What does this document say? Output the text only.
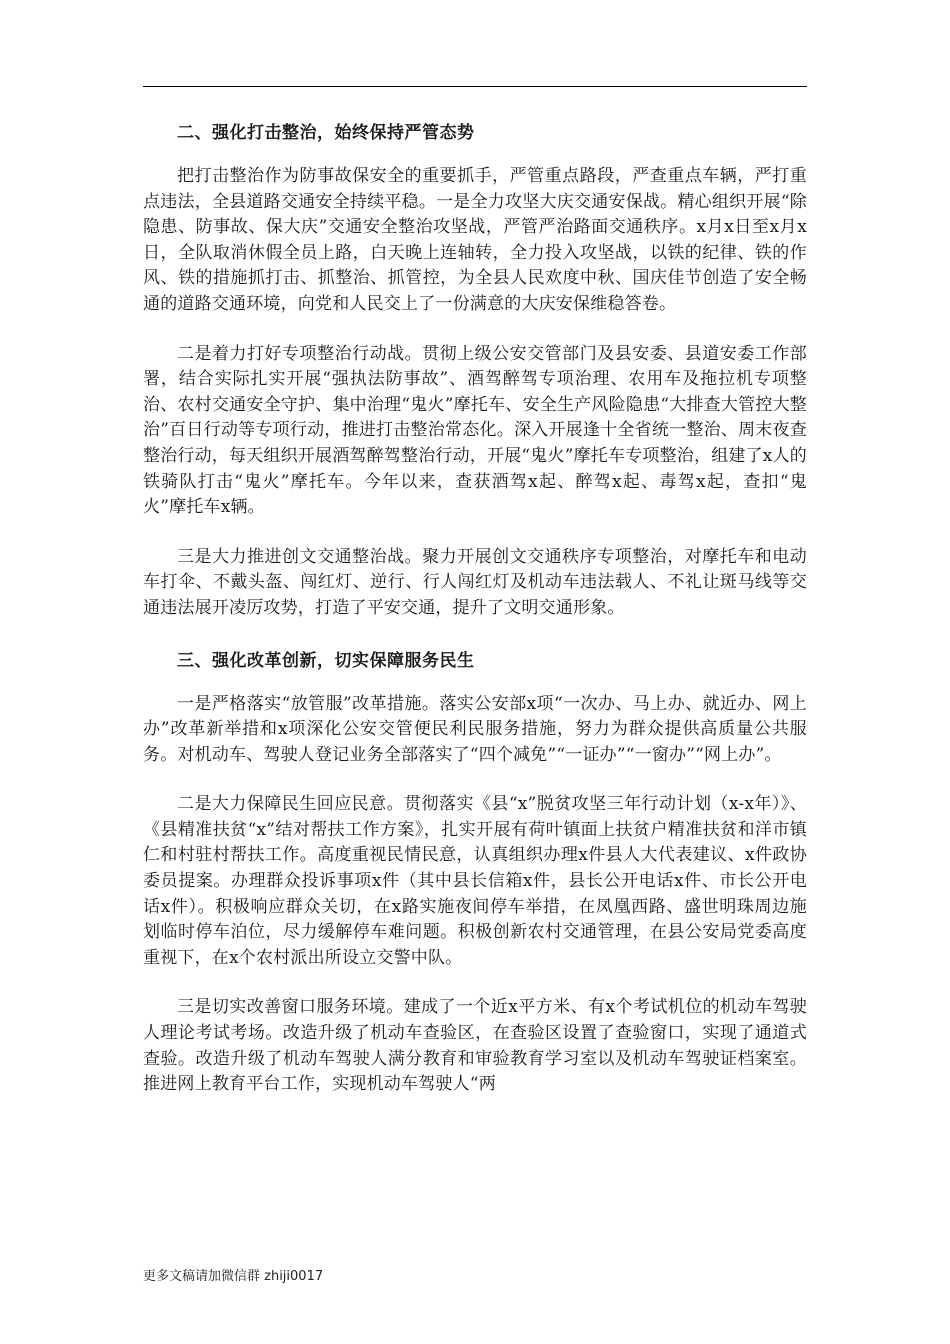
二、强化打击整治，始终保持严管态势

把打击整治作为防事故保安全的重要抓手，严管重点路段，严查重点车辆，严打重点违法，全县道路交通安全持续平稳。一是全力攻坚大庆交通安保战。精心组织开展“除隐患、防事故、保大庆”交通安全整治攻坚战，严管严治路面交通秩序。x月x日至x月x日，全队取消休假全员上路，白天晚上连轴转，全力投入攻坚战，以铁的纪律、铁的作风、铁的措施抓打击、抓整治、抓管控，为全县人民欢度中秋、国庆佳节创造了安全畅通的道路交通环境，向党和人民交上了一份满意的大庆安保维稳答卷。

二是着力打好专项整治行动战。贯彻上级公安交管部门及县安委、县道安委工作部署，结合实际扎实开展“强执法防事故”、酒驾醉驾专项治理、农用车及拖拉机专项整治、农村交通安全守护、集中治理“鬼火”摩托车、安全生产风险隐患“大排查大管控大整治”百日行动等专项行动，推进打击整治常态化。深入开展逢十全省统一整治、周末夜查整治行动，每天组织开展酒驾醉驾整治行动，开展“鬼火”摩托车专项整治，组建了x人的铁骑队打击“鬼火”摩托车。今年以来，查获酒驾x起、醉驾x起、毒驾x起，查扣“鬼火”摩托车x辆。

三是大力推进创文交通整治战。聚力开展创文交通秩序专项整治，对摩托车和电动车打伞、不戴头盔、闯红灯、逆行、行人闯红灯及机动车违法载人、不礼让斑马线等交通违法展开凌厉攻势，打造了平安交通，提升了文明交通形象。

三、强化改革创新，切实保障服务民生

一是严格落实“放管服”改革措施。落实公安部x项“一次办、马上办、就近办、网上办”改革新举措和x项深化公安交管便民利民服务措施，努力为群众提供高质量公共服务。对机动车、驾驶人登记业务全部落实了“四个减免”“一证办”“一窗办”“网上办”。

二是大力保障民生回应民意。贯彻落实《县“x”脱贫攻坚三年行动计划（x-x年）》、《县精准扶贫“x”结对帮扶工作方案》，扎实开展有荷叶镇面上扶贫户精准扶贫和洋市镇仁和村驻村帮扶工作。高度重视民情民意，认真组织办理x件县人大代表建议、x件政协委员提案。办理群众投诉事项x件（其中县长信箱x件，县长公开电话x件、市长公开电话x件）。积极响应群众关切，在x路实施夜间停车举措，在凤凰西路、盛世明珠周边施划临时停车泊位，尽力缓解停车难问题。积极创新农村交通管理，在县公安局党委高度重视下，在x个农村派出所设立交警中队。

三是切实改善窗口服务环境。建成了一个近x平方米、有x个考试机位的机动车驾驶人理论考试考场。改造升级了机动车查验区，在查验区设置了查验窗口，实现了通道式查验。改造升级了机动车驾驶人满分教育和审验教育学习室以及机动车驾驶证档案室。推进网上教育平台工作，实现机动车驾驶人“两

更多文稿请加微信群 zhiji0017
